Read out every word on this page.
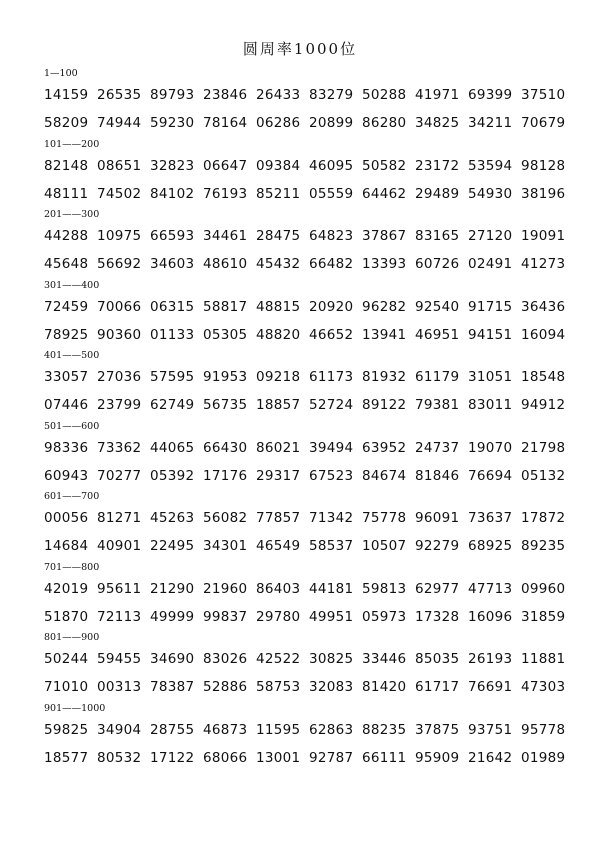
圆周率1000位
1—100
14159 26535 89793 23846 26433 83279 50288 41971 69399 37510
58209 74944 59230 78164 06286 20899 86280 34825 34211 70679
101——200
82148 08651 32823 06647 09384 46095 50582 23172 53594 98128
48111 74502 84102 76193 85211 05559 64462 29489 54930 38196
201——300
44288 10975 66593 34461 28475 64823 37867 83165 27120 19091
45648 56692 34603 48610 45432 66482 13393 60726 02491 41273
301——400
72459 70066 06315 58817 48815 20920 96282 92540 91715 36436
78925 90360 01133 05305 48820 46652 13941 46951 94151 16094
401——500
33057 27036 57595 91953 09218 61173 81932 61179 31051 18548
07446 23799 62749 56735 18857 52724 89122 79381 83011 94912
501——600
98336 73362 44065 66430 86021 39494 63952 24737 19070 21798
60943 70277 05392 17176 29317 67523 84674 81846 76694 05132
601——700
00056 81271 45263 56082 77857 71342 75778 96091 73637 17872
14684 40901 22495 34301 46549 58537 10507 92279 68925 89235
701——800
42019 95611 21290 21960 86403 44181 59813 62977 47713 09960
51870 72113 49999 99837 29780 49951 05973 17328 16096 31859
801——900
50244 59455 34690 83026 42522 30825 33446 85035 26193 11881
71010 00313 78387 52886 58753 32083 81420 61717 76691 47303
901——1000
59825 34904 28755 46873 11595 62863 88235 37875 93751 95778
18577 80532 17122 68066 13001 92787 66111 95909 21642 01989
